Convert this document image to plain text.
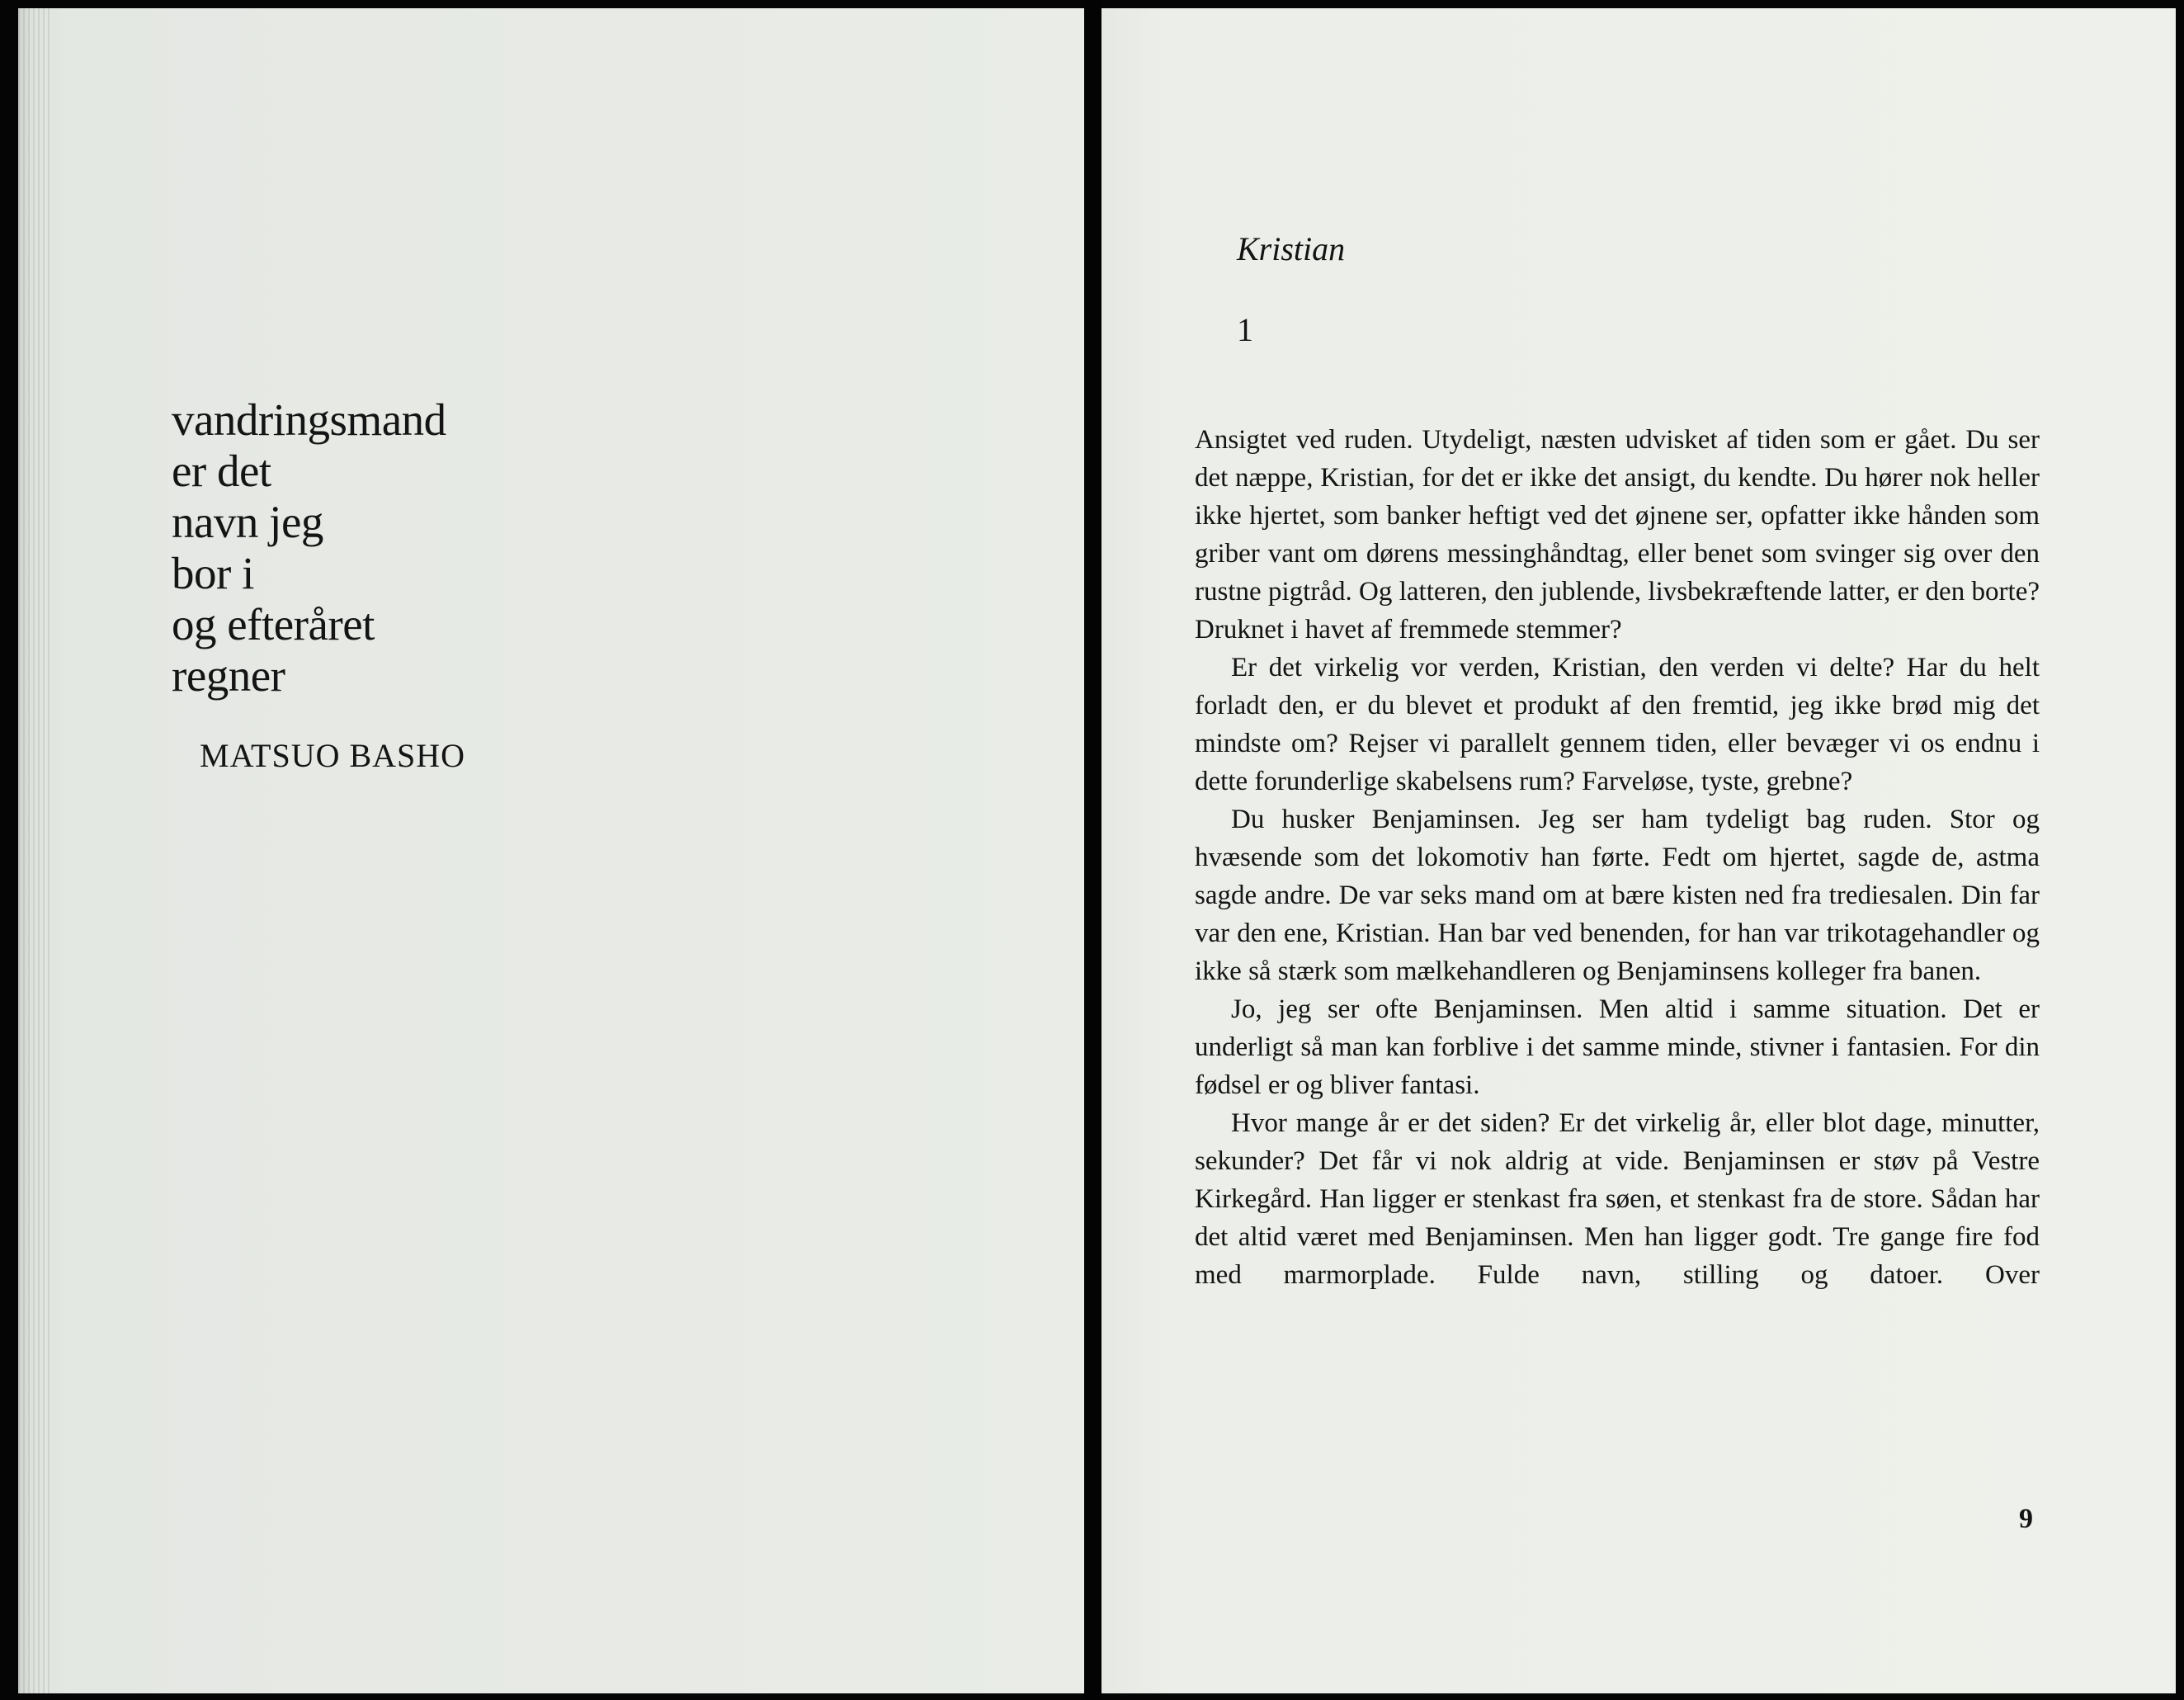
vandringsmand
er det
navn jeg
bor i
og efteråret
regner
MATSUO BASHO
Kristian
1

Ansigtet ved ruden. Utydeligt, næsten udvisket af tiden som er gået. Du ser det næppe, Kristian, for det er ikke det ansigt, du kendte. Du hører nok heller ikke hjertet, som banker heftigt ved det øjnene ser, opfatter ikke hånden som griber vant om dørens messinghåndtag, eller benet som svinger sig over den rustne pigtråd. Og latteren, den jublende, livsbekræftende latter, er den borte? Druknet i havet af fremmede stemmer?

Er det virkelig vor verden, Kristian, den verden vi delte? Har du helt forladt den, er du blevet et produkt af den fremtid, jeg ikke brød mig det mindste om? Rejser vi parallelt gennem tiden, eller bevæger vi os endnu i dette forunderlige skabelsens rum? Farveløse, tyste, grebne?

Du husker Benjaminsen. Jeg ser ham tydeligt bag ruden. Stor og hvæsende som det lokomotiv han førte. Fedt om hjertet, sagde de, astma sagde andre. De var seks mand om at bære kisten ned fra trediesalen. Din far var den ene, Kristian. Han bar ved benenden, for han var trikotagehandler og ikke så stærk som mælkehandleren og Benjaminsens kolleger fra banen.

Jo, jeg ser ofte Benjaminsen. Men altid i samme situation. Det er underligt så man kan forblive i det samme minde, stivner i fantasien. For din fødsel er og bliver fantasi.

Hvor mange år er det siden? Er det virkelig år, eller blot dage, minutter, sekunder? Det får vi nok aldrig at vide. Benjaminsen er støv på Vestre Kirkegård. Han ligger er stenkast fra søen, et stenkast fra de store. Sådan har det altid været med Benjaminsen. Men han ligger godt. Tre gange fire fod med marmorplade. Fulde navn, stilling og datoer. Over

9
